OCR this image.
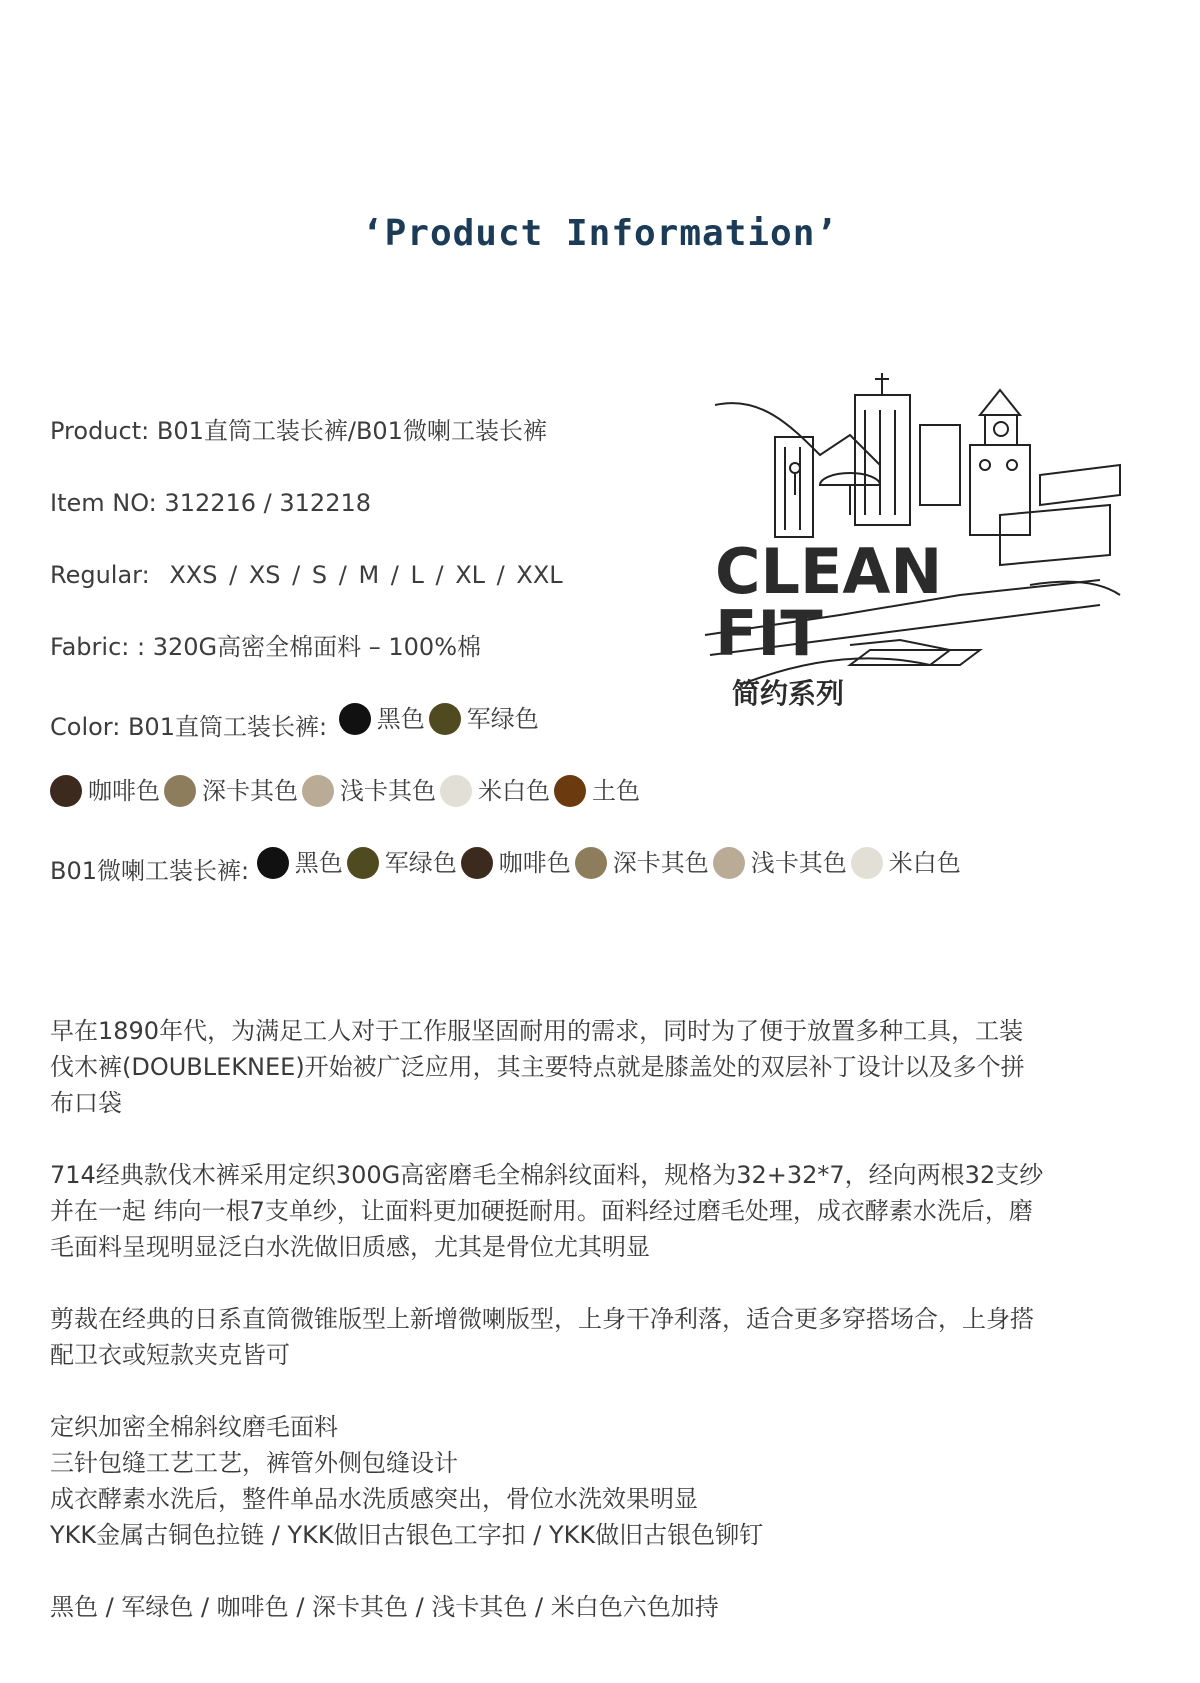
‘Product Information’
Product: B01直筒工装长裤/B01微喇工装长裤
Item NO: 312216 / 312218
Regular: XXS / XS / S / M / L / XL / XXL
Fabric: : 320G高密全棉面料 – 100%棉
Color: B01直筒工装长裤: 黑色 军绿色
咖啡色 深卡其色 浅卡其色 米白色 土色
B01微喇工装长裤: 黑色 军绿色 咖啡色 深卡其色 浅卡其色 米白色
CLEAN
FIT
简约系列
早在1890年代，为满足工人对于工作服坚固耐用的需求，同时为了便于放置多种工具，工装
伐木裤(DOUBLEKNEE)开始被广泛应用，其主要特点就是膝盖处的双层补丁设计以及多个拼
布口袋
714经典款伐木裤采用定织300G高密磨毛全棉斜纹面料，规格为32+32*7，经向两根32支纱
并在一起 纬向一根7支单纱，让面料更加硬挺耐用。面料经过磨毛处理，成衣酵素水洗后，磨
毛面料呈现明显泛白水洗做旧质感，尤其是骨位尤其明显
剪裁在经典的日系直筒微锥版型上新增微喇版型，上身干净利落，适合更多穿搭场合，上身搭
配卫衣或短款夹克皆可
定织加密全棉斜纹磨毛面料
三针包缝工艺工艺，裤管外侧包缝设计
成衣酵素水洗后，整件单品水洗质感突出，骨位水洗效果明显
YKK金属古铜色拉链 / YKK做旧古银色工字扣 / YKK做旧古银色铆钉
黑色 / 军绿色 / 咖啡色 / 深卡其色 / 浅卡其色 / 米白色六色加持
